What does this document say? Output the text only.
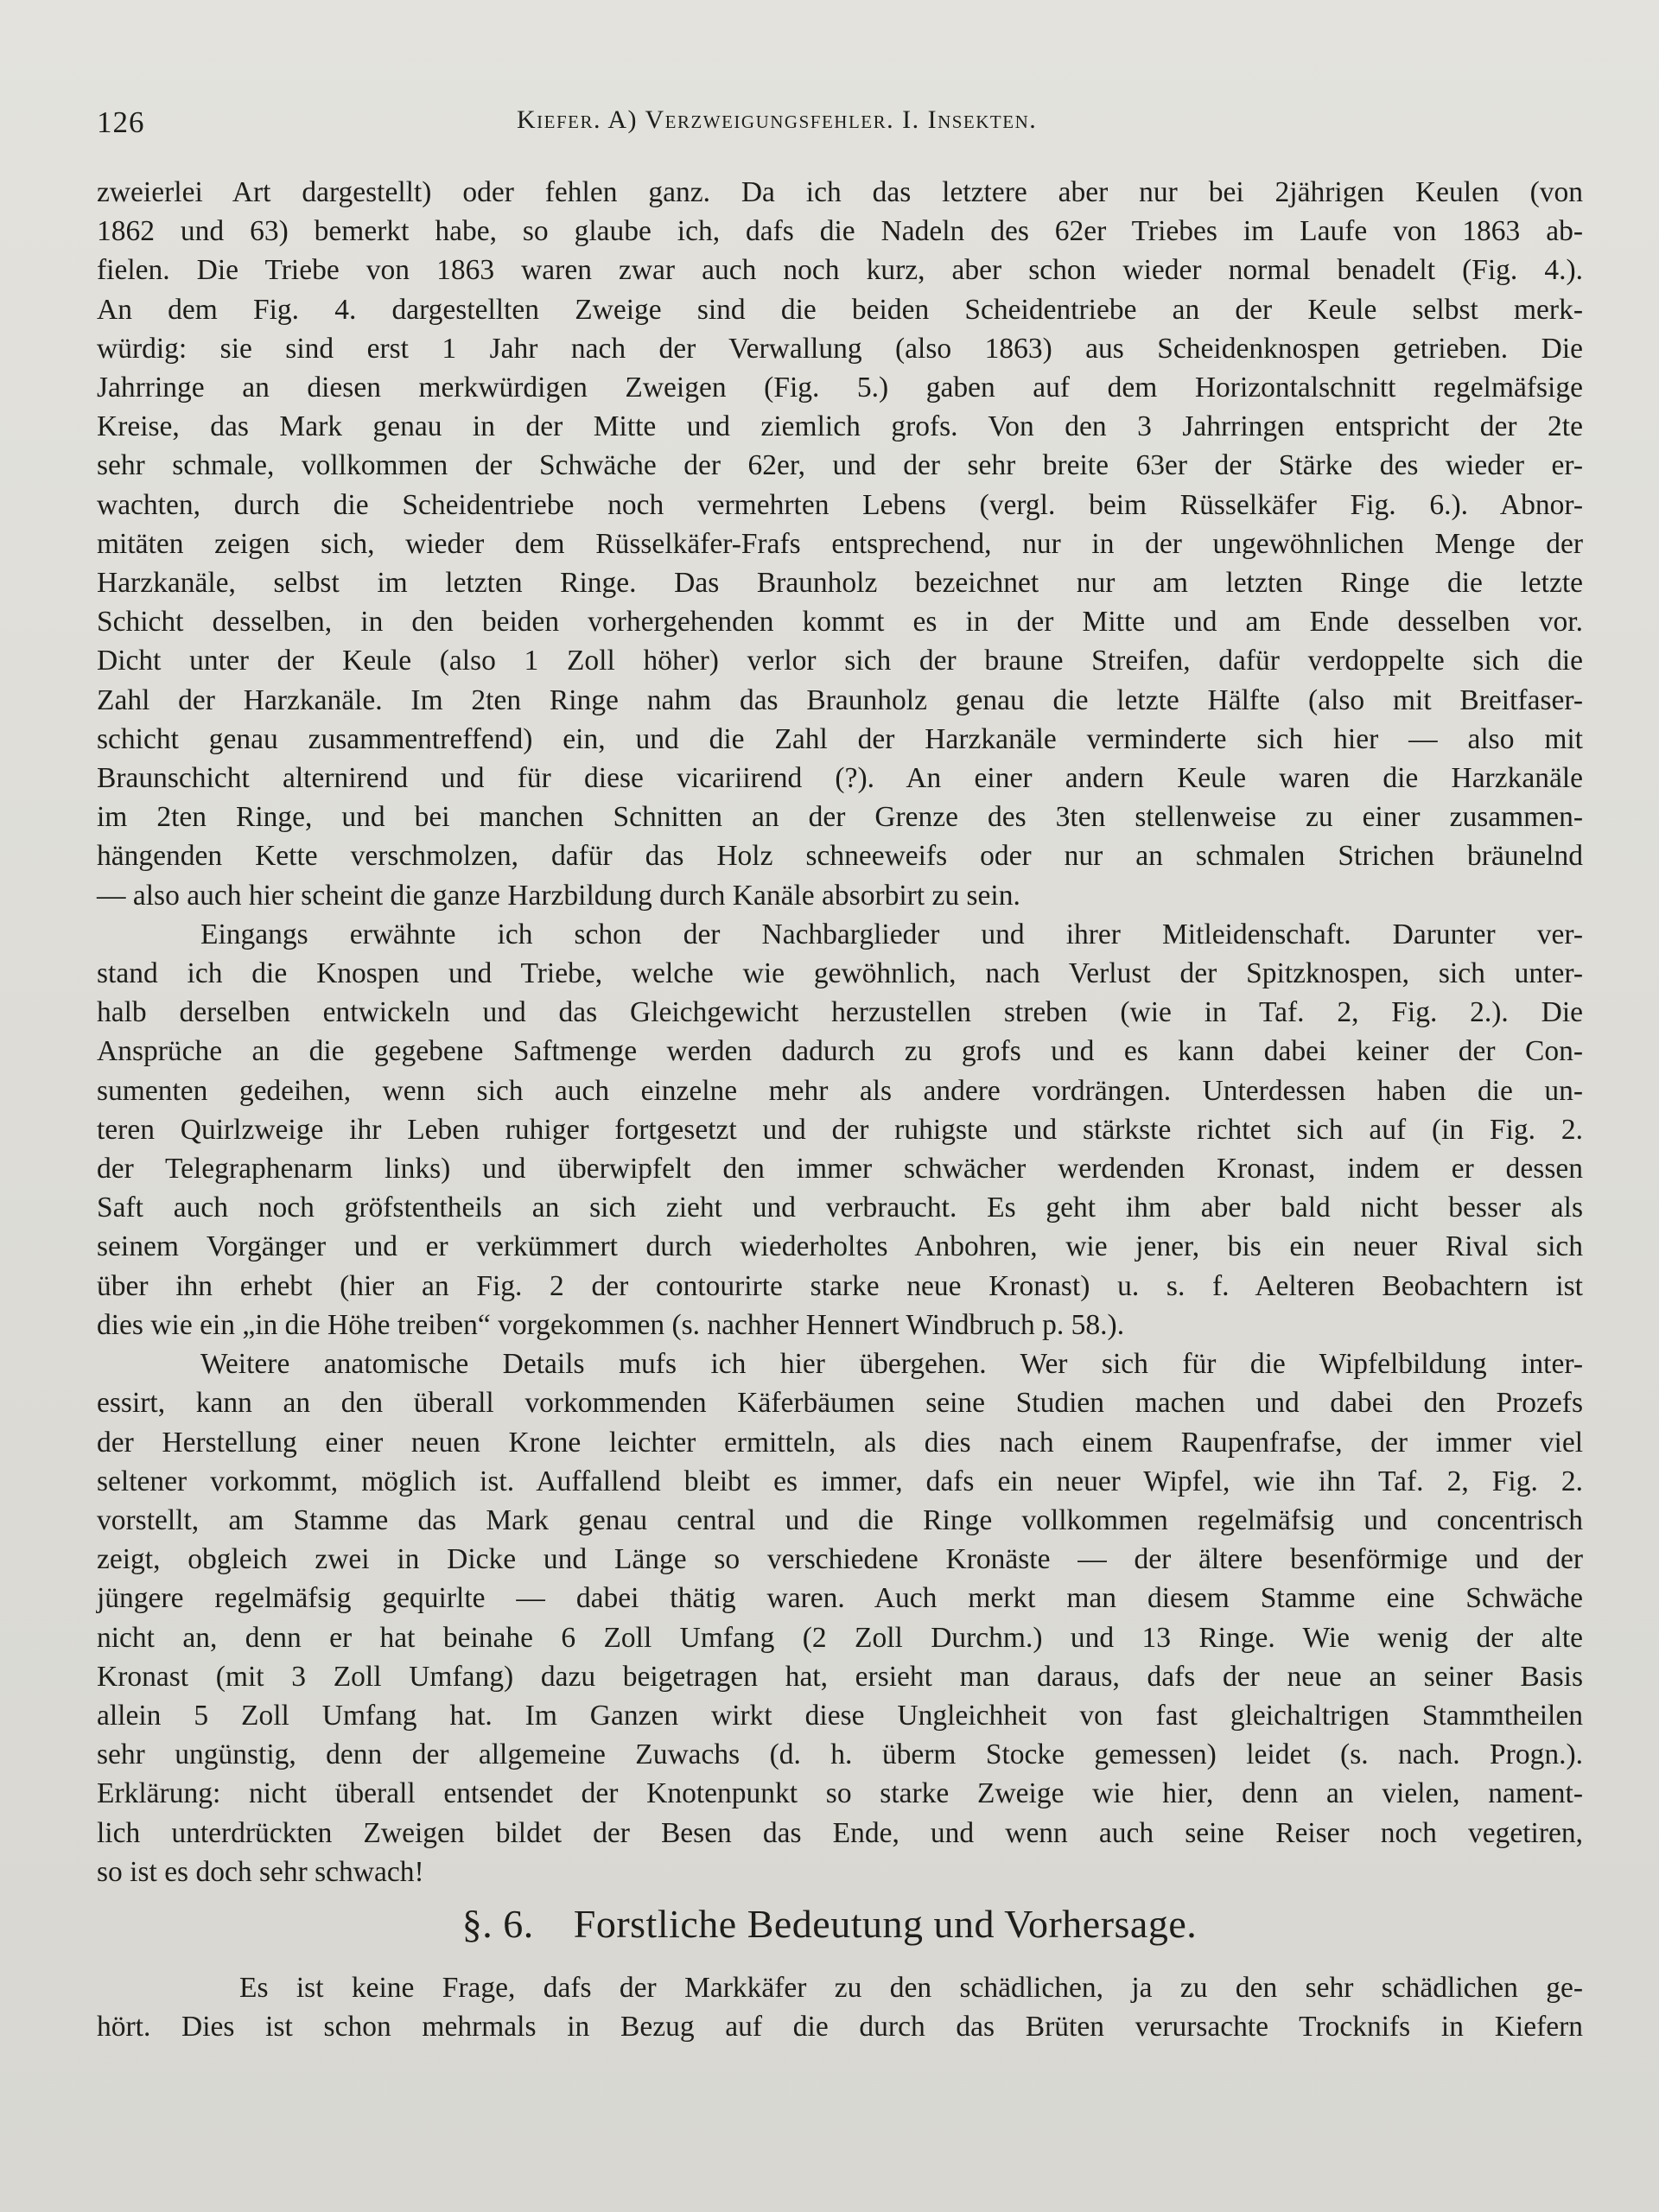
126	Kiefer. A) Verzweigungsfehler. I. Insekten.

zweierlei Art dargestellt) oder fehlen ganz. Da ich das letztere aber nur bei 2jährigen Keulen (von
1862 und 63) bemerkt habe, so glaube ich, dafs die Nadeln des 62er Triebes im Laufe von 1863 ab-
fielen. Die Triebe von 1863 waren zwar auch noch kurz, aber schon wieder normal benadelt (Fig. 4.).
An dem Fig. 4. dargestellten Zweige sind die beiden Scheidentriebe an der Keule selbst merk-
würdig: sie sind erst 1 Jahr nach der Verwallung (also 1863) aus Scheidenknospen getrieben. Die
Jahrringe an diesen merkwürdigen Zweigen (Fig. 5.) gaben auf dem Horizontalschnitt regelmäfsige
Kreise, das Mark genau in der Mitte und ziemlich grofs. Von den 3 Jahrringen entspricht der 2te
sehr schmale, vollkommen der Schwäche der 62er, und der sehr breite 63er der Stärke des wieder er-
wachten, durch die Scheidentriebe noch vermehrten Lebens (vergl. beim Rüsselkäfer Fig. 6.). Abnor-
mitäten zeigen sich, wieder dem Rüsselkäfer-Frafs entsprechend, nur in der ungewöhnlichen Menge der
Harzkanäle, selbst im letzten Ringe. Das Braunholz bezeichnet nur am letzten Ringe die letzte
Schicht desselben, in den beiden vorhergehenden kommt es in der Mitte und am Ende desselben vor.
Dicht unter der Keule (also 1 Zoll höher) verlor sich der braune Streifen, dafür verdoppelte sich die
Zahl der Harzkanäle. Im 2ten Ringe nahm das Braunholz genau die letzte Hälfte (also mit Breitfaser-
schicht genau zusammentreffend) ein, und die Zahl der Harzkanäle verminderte sich hier — also mit
Braunschicht alternirend und für diese vicariirend (?). An einer andern Keule waren die Harzkanäle
im 2ten Ringe, und bei manchen Schnitten an der Grenze des 3ten stellenweise zu einer zusammen-
hängenden Kette verschmolzen, dafür das Holz schneeweifs oder nur an schmalen Strichen bräunelnd
— also auch hier scheint die ganze Harzbildung durch Kanäle absorbirt zu sein.

Eingangs erwähnte ich schon der Nachbarglieder und ihrer Mitleidenschaft. Darunter ver-
stand ich die Knospen und Triebe, welche wie gewöhnlich, nach Verlust der Spitzknospen, sich unter-
halb derselben entwickeln und das Gleichgewicht herzustellen streben (wie in Taf. 2, Fig. 2.). Die
Ansprüche an die gegebene Saftmenge werden dadurch zu grofs und es kann dabei keiner der Con-
sumenten gedeihen, wenn sich auch einzelne mehr als andere vordrängen. Unterdessen haben die un-
teren Quirlzweige ihr Leben ruhiger fortgesetzt und der ruhigste und stärkste richtet sich auf (in Fig. 2.
der Telegraphenarm links) und überwipfelt den immer schwächer werdenden Kronast, indem er dessen
Saft auch noch gröfstentheils an sich zieht und verbraucht. Es geht ihm aber bald nicht besser als
seinem Vorgänger und er verkümmert durch wiederholtes Anbohren, wie jener, bis ein neuer Rival sich
über ihn erhebt (hier an Fig. 2 der contourirte starke neue Kronast) u. s. f. Aelteren Beobachtern ist
dies wie ein „in die Höhe treiben“ vorgekommen (s. nachher Hennert Windbruch p. 58.).

Weitere anatomische Details mufs ich hier übergehen. Wer sich für die Wipfelbildung inter-
essirt, kann an den überall vorkommenden Käferbäumen seine Studien machen und dabei den Prozefs
der Herstellung einer neuen Krone leichter ermitteln, als dies nach einem Raupenfrafse, der immer viel
seltener vorkommt, möglich ist. Auffallend bleibt es immer, dafs ein neuer Wipfel, wie ihn Taf. 2, Fig. 2.
vorstellt, am Stamme das Mark genau central und die Ringe vollkommen regelmäfsig und concentrisch
zeigt, obgleich zwei in Dicke und Länge so verschiedene Kronäste — der ältere besenförmige und der
jüngere regelmäfsig gequirlte — dabei thätig waren. Auch merkt man diesem Stamme eine Schwäche
nicht an, denn er hat beinahe 6 Zoll Umfang (2 Zoll Durchm.) und 13 Ringe. Wie wenig der alte
Kronast (mit 3 Zoll Umfang) dazu beigetragen hat, ersieht man daraus, dafs der neue an seiner Basis
allein 5 Zoll Umfang hat. Im Ganzen wirkt diese Ungleichheit von fast gleichaltrigen Stammtheilen
sehr ungünstig, denn der allgemeine Zuwachs (d. h. überm Stocke gemessen) leidet (s. nach. Progn.).
Erklärung: nicht überall entsendet der Knotenpunkt so starke Zweige wie hier, denn an vielen, nament-
lich unterdrückten Zweigen bildet der Besen das Ende, und wenn auch seine Reiser noch vegetiren,
so ist es doch sehr schwach!

§. 6. Forstliche Bedeutung und Vorhersage.
Es ist keine Frage, dafs der Markkäfer zu den schädlichen, ja zu den sehr schädlichen ge-
hört. Dies ist schon mehrmals in Bezug auf die durch das Brüten verursachte Trocknifs in Kiefern
